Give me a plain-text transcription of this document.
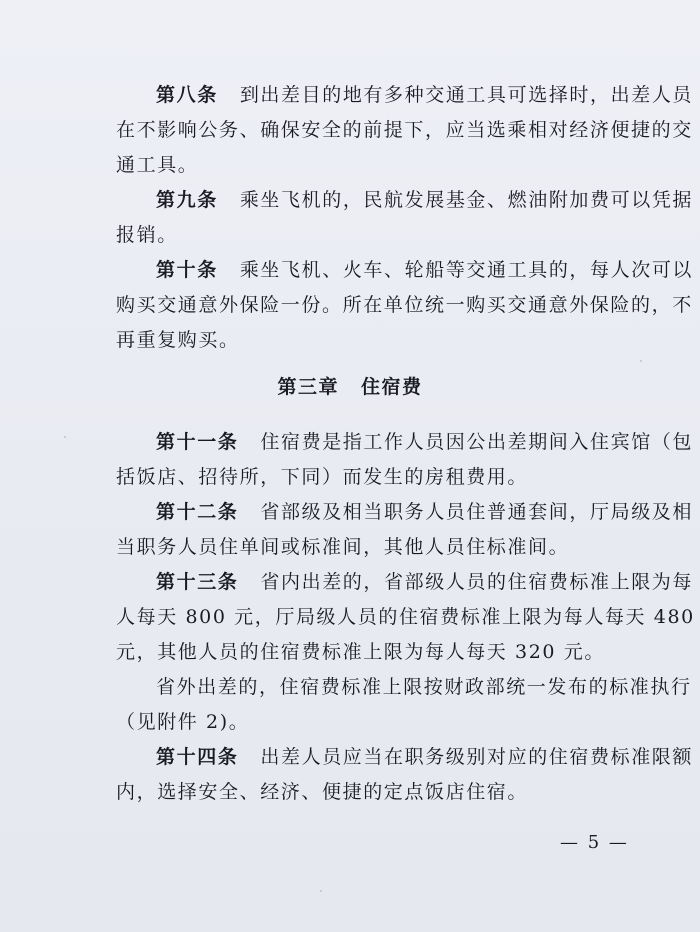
第八条 到出差目的地有多种交通工具可选择时，出差人员
在不影响公务、确保安全的前提下，应当选乘相对经济便捷的交
通工具。
第九条 乘坐飞机的，民航发展基金、燃油附加费可以凭据
报销。
第十条 乘坐飞机、火车、轮船等交通工具的，每人次可以
购买交通意外保险一份。所在单位统一购买交通意外保险的，不
再重复购买。
第三章 住宿费
第十一条 住宿费是指工作人员因公出差期间入住宾馆（包
括饭店、招待所，下同）而发生的房租费用。
第十二条 省部级及相当职务人员住普通套间，厅局级及相
当职务人员住单间或标准间，其他人员住标准间。
第十三条 省内出差的，省部级人员的住宿费标准上限为每
人每天 800 元，厅局级人员的住宿费标准上限为每人每天 480
元，其他人员的住宿费标准上限为每人每天 320 元。
省外出差的，住宿费标准上限按财政部统一发布的标准执行
（见附件 2)。
第十四条 出差人员应当在职务级别对应的住宿费标准限额
内，选择安全、经济、便捷的定点饭店住宿。
— 5 —
